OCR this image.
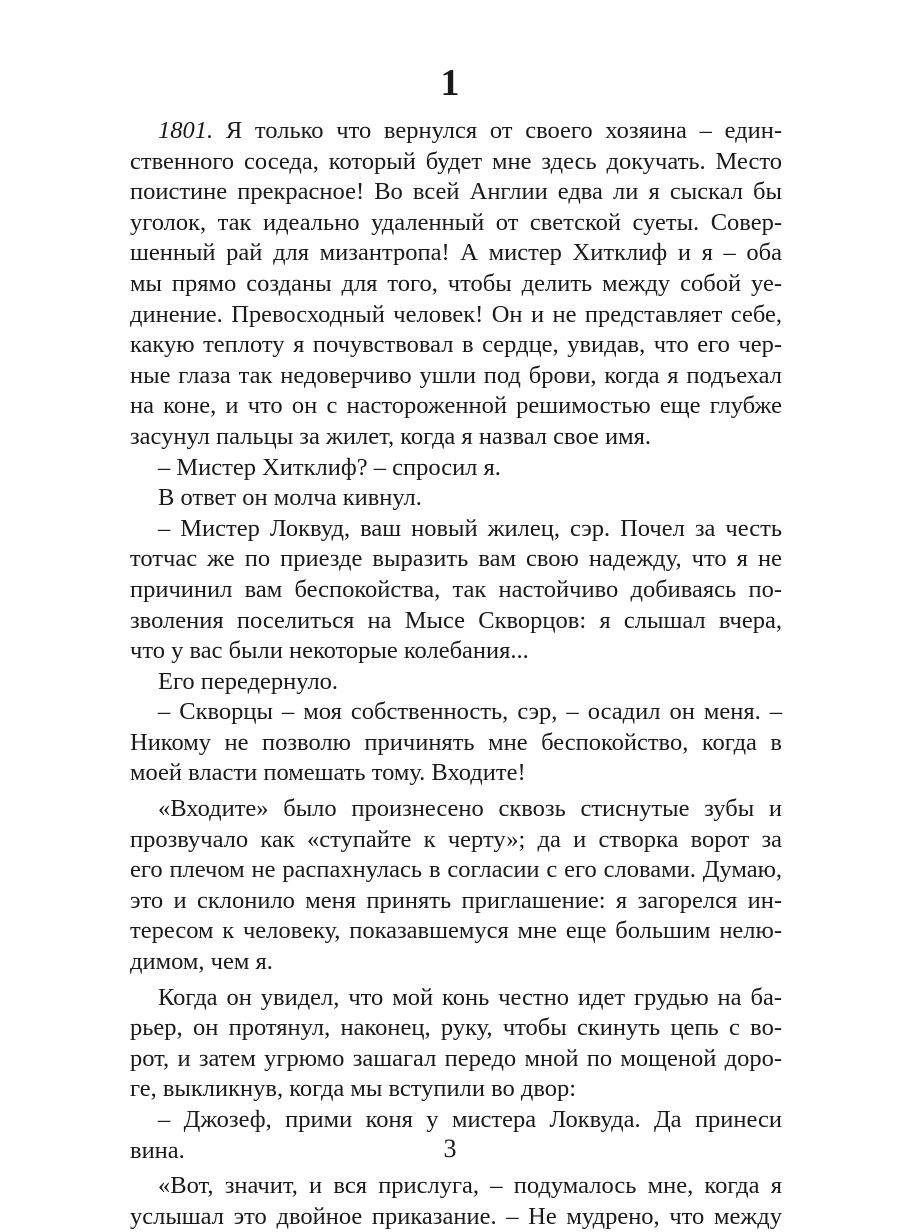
1
1801. Я только что вернулся от своего хозяина – един-
ственного соседа, который будет мне здесь докучать. Место
поистине прекрасное! Во всей Англии едва ли я сыскал бы
уголок, так идеально удаленный от светской суеты. Совер-
шенный рай для мизантропа! А мистер Хитклиф и я – оба
мы прямо созданы для того, чтобы делить между собой уе-
динение. Превосходный человек! Он и не представляет себе,
какую теплоту я почувствовал в сердце, увидав, что его чер-
ные глаза так недоверчиво ушли под брови, когда я подъехал
на коне, и что он с настороженной решимостью еще глубже
засунул пальцы за жилет, когда я назвал свое имя.
– Мистер Хитклиф? – спросил я.
В ответ он молча кивнул.
– Мистер Локвуд, ваш новый жилец, сэр. Почел за честь
тотчас же по приезде выразить вам свою надежду, что я не
причинил вам беспокойства, так настойчиво добиваясь по-
зволения поселиться на Мысе Скворцов: я слышал вчера,
что у вас были некоторые колебания...
Его передернуло.
– Скворцы – моя собственность, сэр, – осадил он меня. –
Никому не позволю причинять мне беспокойство, когда в
моей власти помешать тому. Входите!
«Входите» было произнесено сквозь стиснутые зубы и
прозвучало как «ступайте к черту»; да и створка ворот за
его плечом не распахнулась в согласии с его словами. Думаю,
это и склонило меня принять приглашение: я загорелся ин-
тересом к человеку, показавшемуся мне еще большим нелю-
димом, чем я.
Когда он увидел, что мой конь честно идет грудью на ба-
рьер, он протянул, наконец, руку, чтобы скинуть цепь с во-
рот, и затем угрюмо зашагал передо мной по мощеной доро-
ге, выкликнув, когда мы вступили во двор:
– Джозеф, прими коня у мистера Локвуда. Да принеси
вина.
«Вот, значит, и вся прислуга, – подумалось мне, когда я
услышал это двойное приказание. – Не мудрено, что между
3
